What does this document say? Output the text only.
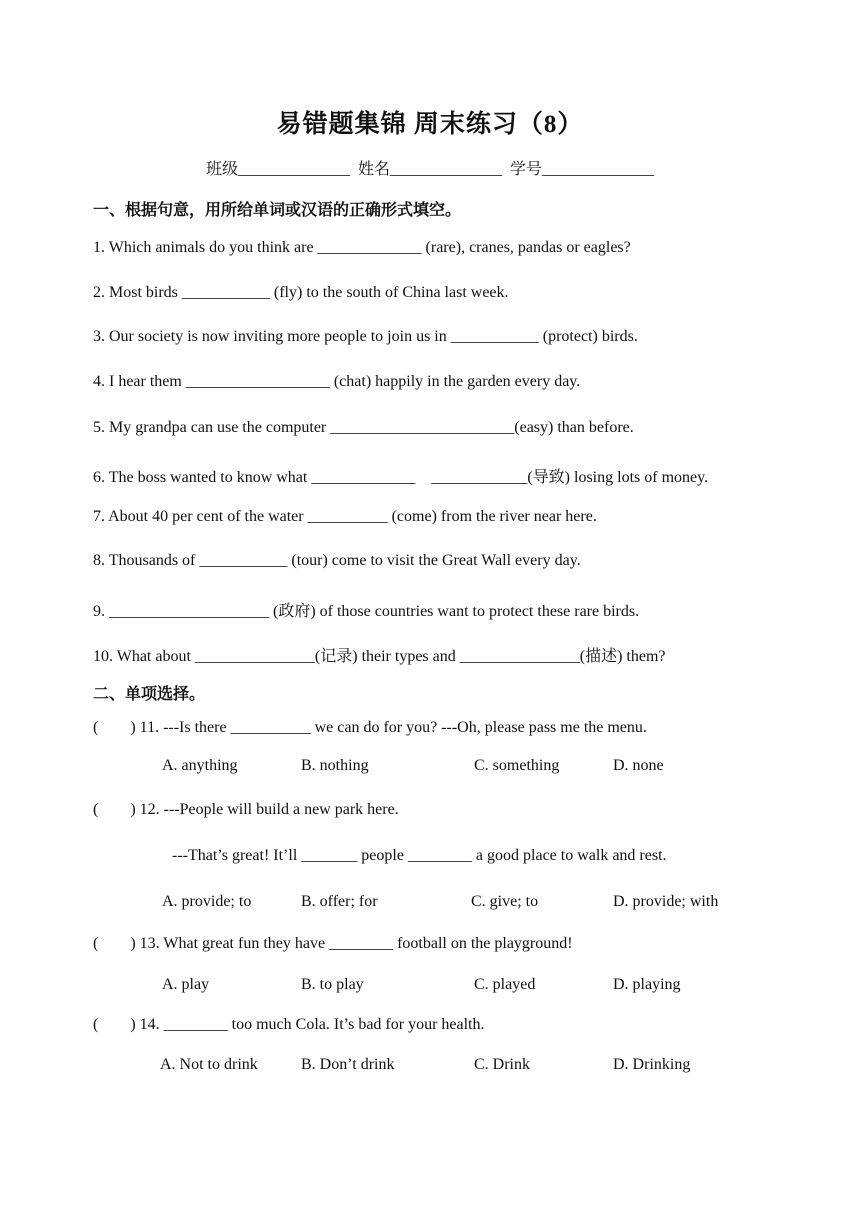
易错题集锦 周末练习（8）
班级______________  姓名______________  学号______________
一、根据句意，用所给单词或汉语的正确形式填空。
1. Which animals do you think are _____________ (rare), cranes, pandas or eagles?
2. Most birds ___________ (fly) to the south of China last week.
3. Our society is now inviting more people to join us in ___________ (protect) birds.
4. I hear them __________________ (chat) happily in the garden every day.
5. My grandpa can use the computer _______________________(easy) than before.
6. The boss wanted to know what _____________    ____________(导致) losing lots of money.
7. About 40 per cent of the water __________ (come) from the river near here.
8. Thousands of ___________ (tour) come to visit the Great Wall every day.
9. ____________________ (政府) of those countries want to protect these rare birds.
10. What about _______________(记录) their types and _______________(描述) them?
二、单项选择。
(        ) 11. ---Is there __________ we can do for you? ---Oh, please pass me the menu.
A. anything	B. nothing	C. something	D. none
(        ) 12. ---People will build a new park here.
---That’s great! It’ll _______ people ________ a good place to walk and rest.
A. provide; to	B. offer; for	C. give; to	D. provide; with
(        ) 13. What great fun they have ________ football on the playground!
A. play	B. to play	C. played	D. playing
(        ) 14. ________ too much Cola. It’s bad for your health.
A. Not to drink	B. Don’t drink	C. Drink	D. Drinking
